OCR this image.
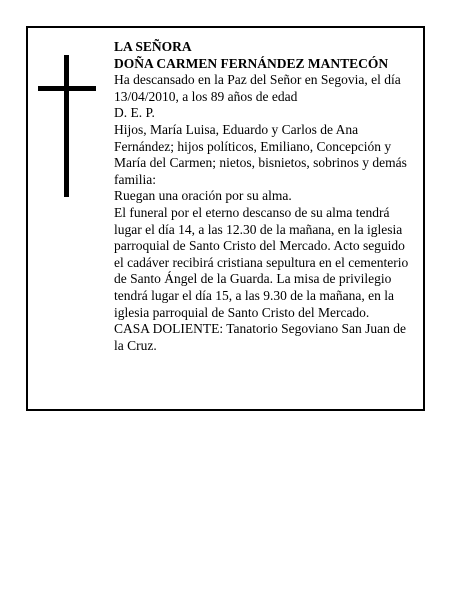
LA SEÑORA

DOÑA CARMEN FERNÁNDEZ MANTECÓN

Ha descansado en la Paz del Señor en Segovia, el día 13/04/2010, a los 89 años de edad

D. E. P.

Hijos, María Luisa, Eduardo y Carlos de Ana Fernández; hijos políticos, Emiliano, Concepción y María del Carmen; nietos, bisnietos, sobrinos y demás familia:

Ruegan una oración por su alma.

El funeral por el eterno descanso de su alma tendrá lugar el día 14, a las 12.30 de la mañana, en la iglesia parroquial de Santo Cristo del Mercado. Acto seguido el cadáver recibirá cristiana sepultura en el cementerio de Santo Ángel de la Guarda. La misa de privilegio tendrá lugar el día 15, a las 9.30 de la mañana, en la iglesia parroquial de Santo Cristo del Mercado.

CASA DOLIENTE: Tanatorio Segoviano San Juan de la Cruz.
